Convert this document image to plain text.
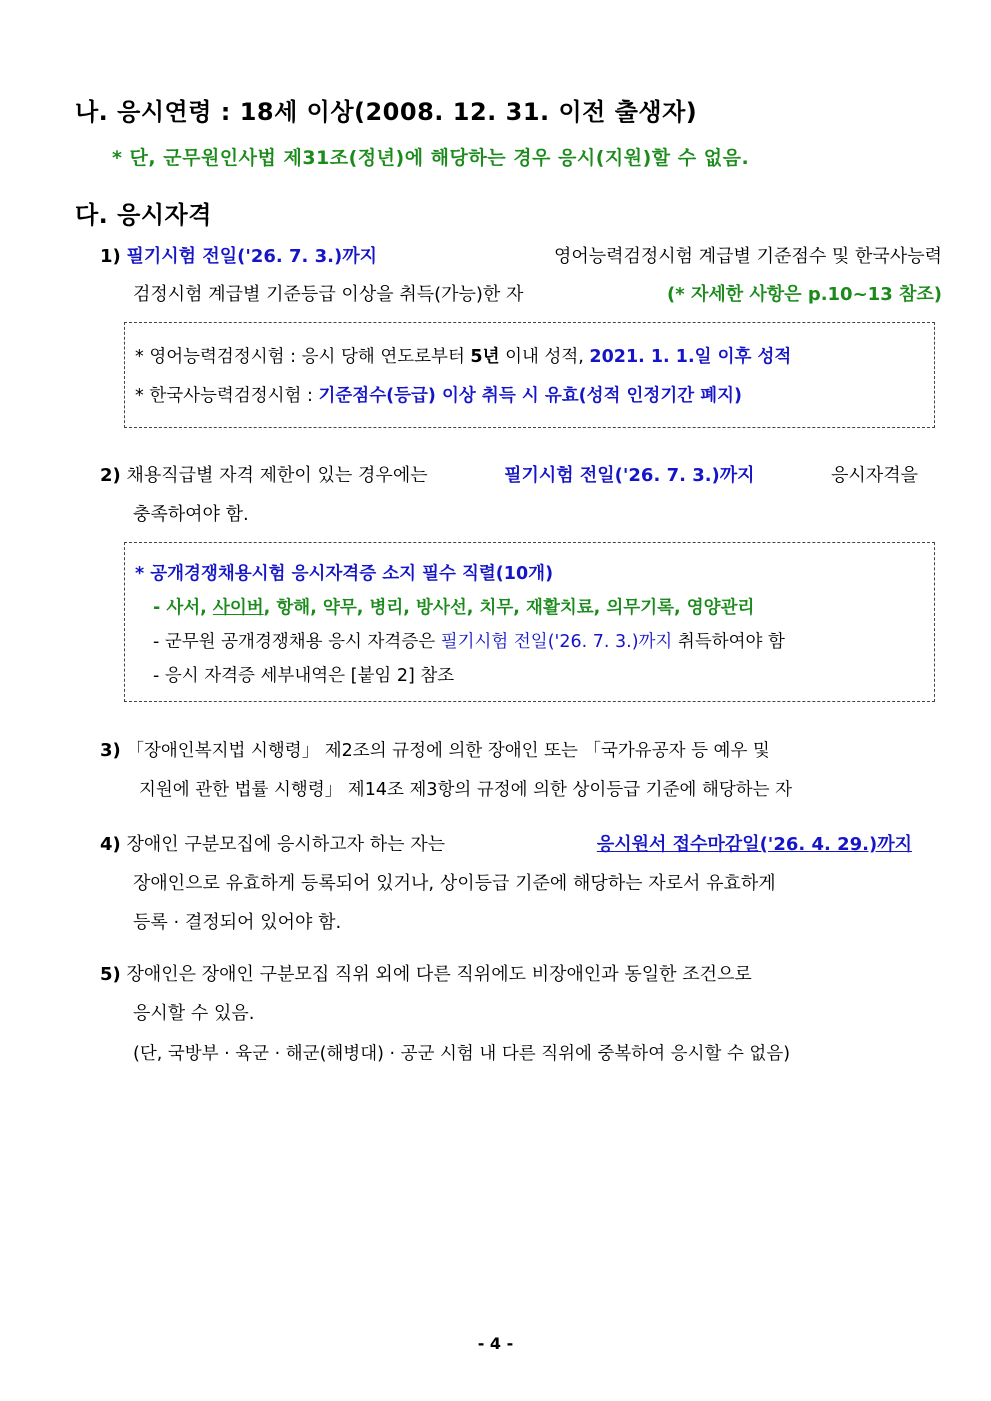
나. 응시연령 : 18세 이상(2008. 12. 31. 이전 출생자)
* 단, 군무원인사법 제31조(정년)에 해당하는 경우 응시(지원)할 수 없음.
다. 응시자격
1) 필기시험 전일('26. 7. 3.)까지	영어능력검정시험 계급별 기준점수 및 한국사능력
검정시험 계급별 기준등급 이상을 취득(가능)한 자	(* 자세한 사항은 p.10~13 참조)
* 영어능력검정시험 : 응시 당해 연도로부터 5년 이내 성적, 2021. 1. 1.일 이후 성적
* 한국사능력검정시험 : 기준점수(등급) 이상 취득 시 유효(성적 인정기간 폐지)
2) 채용직급별 자격 제한이 있는 경우에는	필기시험 전일('26. 7. 3.)까지	응시자격을
충족하여야 함.
* 공개경쟁채용시험 응시자격증 소지 필수 직렬(10개)
- 사서, 사이버, 항해, 약무, 병리, 방사선, 치무, 재활치료, 의무기록, 영양관리
- 군무원 공개경쟁채용 응시 자격증은 필기시험 전일('26. 7. 3.)까지 취득하여야 함
- 응시 자격증 세부내역은 [붙임 2] 참조
3) 「장애인복지법 시행령」 제2조의 규정에 의한 장애인 또는 「국가유공자 등 예우 및
지원에 관한 법률 시행령」 제14조 제3항의 규정에 의한 상이등급 기준에 해당하는 자
4) 장애인 구분모집에 응시하고자 하는 자는	응시원서 접수마감일('26. 4. 29.)까지
장애인으로 유효하게 등록되어 있거나, 상이등급 기준에 해당하는 자로서 유효하게
등록 · 결정되어 있어야 함.
5) 장애인은 장애인 구분모집 직위 외에 다른 직위에도 비장애인과 동일한 조건으로
응시할 수 있음.
(단, 국방부 · 육군 · 해군(해병대) · 공군 시험 내 다른 직위에 중복하여 응시할 수 없음)
- 4 -
